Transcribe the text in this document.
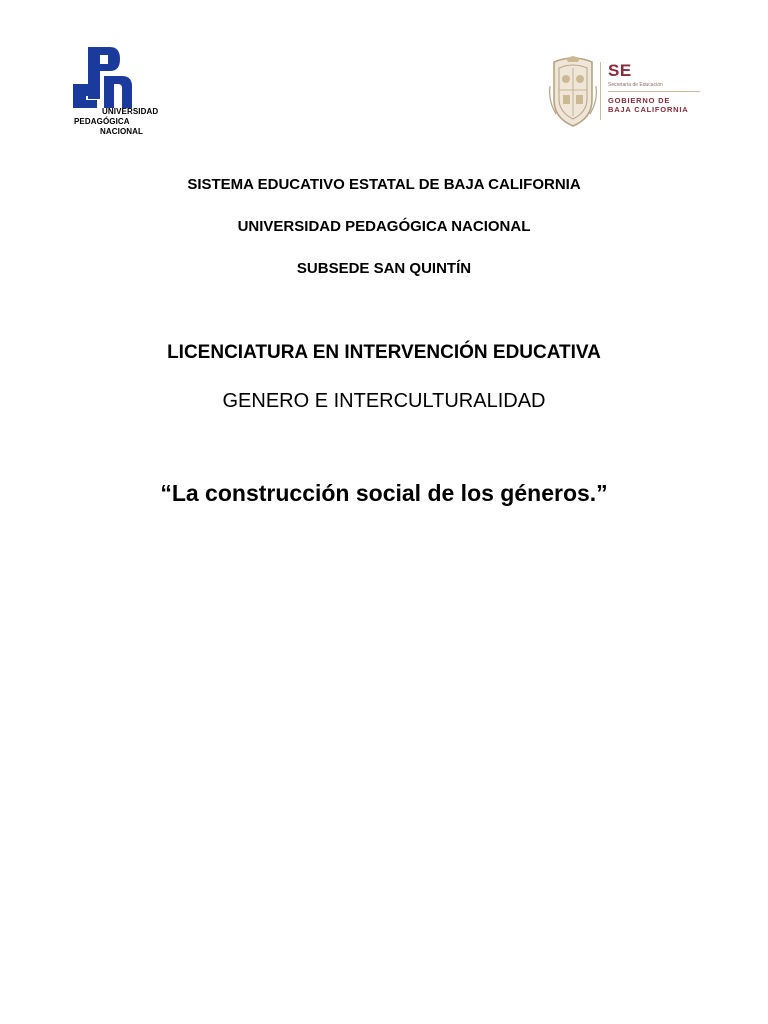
UNIVERSIDAD
PEDAGÓGICA
NACIONAL
SE
Secretaría de Educación
GOBIERNO DE
BAJA CALIFORNIA
SISTEMA EDUCATIVO ESTATAL DE BAJA CALIFORNIA
UNIVERSIDAD PEDAGÓGICA NACIONAL
SUBSEDE SAN QUINTÍN
LICENCIATURA EN INTERVENCIÓN EDUCATIVA
GENERO E INTERCULTURALIDAD
“La construcción social de los géneros.”
